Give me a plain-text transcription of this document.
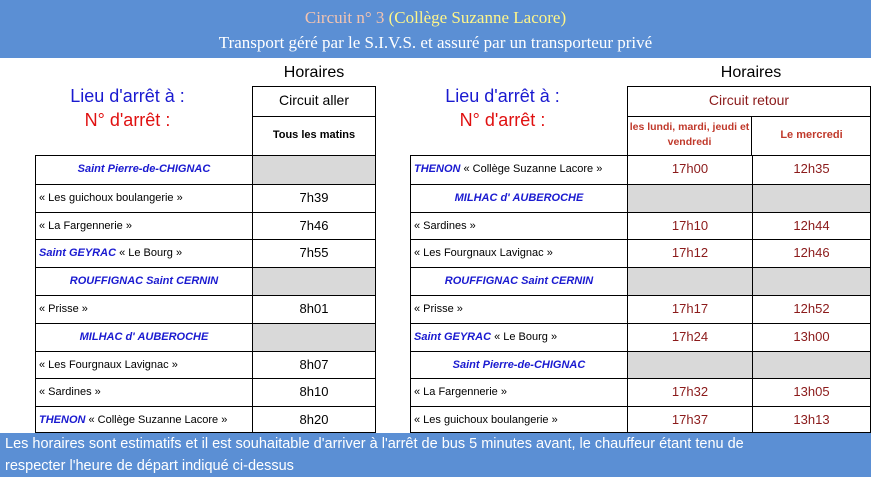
Circuit n° 3 (Collège Suzanne Lacore)
Transport géré par le S.I.V.S. et assuré par un transporteur privé
Lieu d'arrêt à :
N° d'arrêt :
Horaires
Circuit aller
Tous les matins
Saint Pierre-de-CHIGNAC
« Les guichoux boulangerie »	7h39
« La Fargennerie »	7h46
Saint GEYRAC « Le Bourg »	7h55
ROUFFIGNAC Saint CERNIN
« Prisse »	8h01
MILHAC d' AUBEROCHE
« Les Fourgnaux Lavignac »	8h07
« Sardines »	8h10
THENON « Collège Suzanne Lacore »	8h20
Lieu d'arrêt à :
N° d'arrêt :
Horaires
Circuit retour
les lundi, mardi, jeudi et vendredi
Le mercredi
THENON « Collège Suzanne Lacore »	17h00	12h35
MILHAC d' AUBEROCHE
« Sardines »	17h10	12h44
« Les Fourgnaux Lavignac »	17h12	12h46
ROUFFIGNAC Saint CERNIN
« Prisse »	17h17	12h52
Saint GEYRAC « Le Bourg »	17h24	13h00
Saint Pierre-de-CHIGNAC
« La Fargennerie »	17h32	13h05
« Les guichoux boulangerie »	17h37	13h13
Les horaires sont estimatifs et il est souhaitable d'arriver à l'arrêt de bus 5 minutes avant, le chauffeur étant tenu de
respecter l'heure de départ indiqué ci-dessus
